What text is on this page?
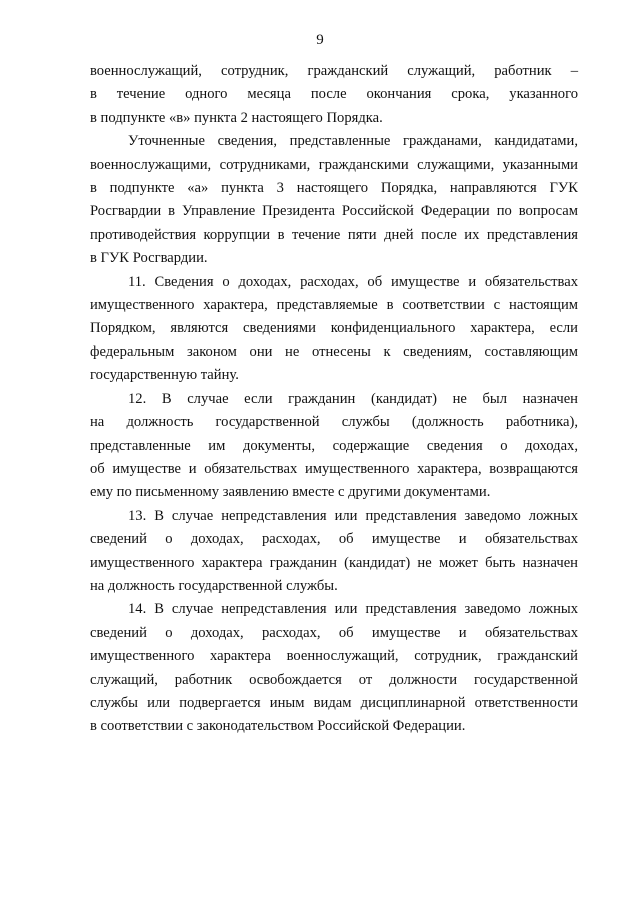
9

военнослужащий, сотрудник, гражданский служащий, работник –
в течение одного месяца после окончания срока, указанного
в подпункте «в» пункта 2 настоящего Порядка.

Уточненные сведения, представленные гражданами, кандидатами,
военнослужащими, сотрудниками, гражданскими служащими, указанными
в подпункте «а» пункта 3 настоящего Порядка, направляются ГУК
Росгвардии в Управление Президента Российской Федерации по вопросам
противодействия коррупции в течение пяти дней после их представления
в ГУК Росгвардии.

11. Сведения о доходах, расходах, об имуществе и обязательствах
имущественного характера, представляемые в соответствии с настоящим
Порядком, являются сведениями конфиденциального характера, если
федеральным законом они не отнесены к сведениям, составляющим
государственную тайну.

12. В случае если гражданин (кандидат) не был назначен
на должность государственной службы (должность работника),
представленные им документы, содержащие сведения о доходах,
об имуществе и обязательствах имущественного характера, возвращаются
ему по письменному заявлению вместе с другими документами.

13. В случае непредставления или представления заведомо ложных
сведений о доходах, расходах, об имуществе и обязательствах
имущественного характера гражданин (кандидат) не может быть назначен
на должность государственной службы.

14. В случае непредставления или представления заведомо ложных
сведений о доходах, расходах, об имуществе и обязательствах
имущественного характера военнослужащий, сотрудник, гражданский
служащий, работник освобождается от должности государственной
службы или подвергается иным видам дисциплинарной ответственности
в соответствии с законодательством Российской Федерации.
